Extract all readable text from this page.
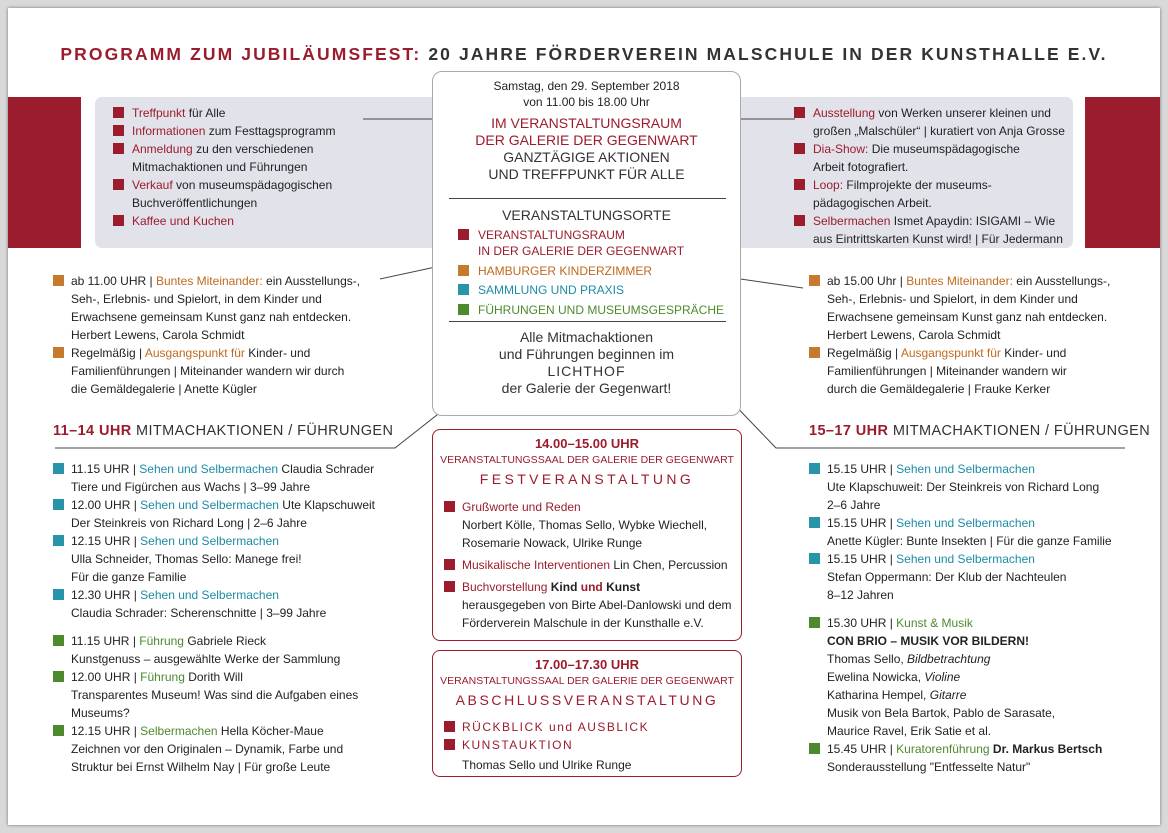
PROGRAMM ZUM JUBILÄUMSFEST: 20 JAHRE FÖRDERVEREIN MALSCHULE IN DER KUNSTHALLE E.V.
Treffpunkt für Alle
Informationen zum Festtagsprogramm
Anmeldung zu den verschiedenen
Mitmachaktionen und Führungen
Verkauf von museumspädagogischen
Buchveröffentlichungen
Kaffee und Kuchen
Ausstellung von Werken unserer kleinen und
großen „Malschüler“ | kuratiert von Anja Grosse
Dia-Show: Die museumspädagogische
Arbeit fotografiert.
Loop: Filmprojekte der museums-
pädagogischen Arbeit.
Selbermachen Ismet Apaydin: ISIGAMI – Wie
aus Eintrittskarten Kunst wird! | Für Jedermann
Samstag, den 29. September 2018
von 11.00 bis 18.00 Uhr
IM VERANSTALTUNGSRAUM
DER GALERIE DER GEGENWART
GANZTÄGIGE AKTIONEN
UND TREFFPUNKT FÜR ALLE
VERANSTALTUNGSORTE
VERANSTALTUNGSRAUM
IN DER GALERIE DER GEGENWART
HAMBURGER KINDERZIMMER
SAMMLUNG UND PRAXIS
FÜHRUNGEN UND MUSEUMSGESPRÄCHE
Alle Mitmachaktionen
und Führungen beginnen im
LICHTHOF
der Galerie der Gegenwart!
ab 11.00 UHR | Buntes Miteinander: ein Ausstellungs-,
Seh-, Erlebnis- und Spielort, in dem Kinder und
Erwachsene gemeinsam Kunst ganz nah entdecken.
Herbert Lewens, Carola Schmidt
Regelmäßig | Ausgangspunkt für Kinder- und
Familienführungen | Miteinander wandern wir durch
die Gemäldegalerie | Anette Kügler
ab 15.00 Uhr | Buntes Miteinander: ein Ausstellungs-,
Seh-, Erlebnis- und Spielort, in dem Kinder und
Erwachsene gemeinsam Kunst ganz nah entdecken.
Herbert Lewens, Carola Schmidt
Regelmäßig | Ausgangspunkt für Kinder- und
Familienführungen | Miteinander wandern wir
durch die Gemäldegalerie | Frauke Kerker
11–14 UHR MITMACHAKTIONEN / FÜHRUNGEN	15–17 UHR MITMACHAKTIONEN / FÜHRUNGEN
11.15 UHR | Sehen und Selbermachen Claudia Schrader
Tiere und Figürchen aus Wachs | 3–99 Jahre
12.00 UHR | Sehen und Selbermachen Ute Klapschuweit
Der Steinkreis von Richard Long | 2–6 Jahre
12.15 UHR | Sehen und Selbermachen
Ulla Schneider, Thomas Sello: Manege frei!
Für die ganze Familie
12.30 UHR | Sehen und Selbermachen
Claudia Schrader: Scherenschnitte | 3–99 Jahre
11.15 UHR | Führung Gabriele Rieck
Kunstgenuss – ausgewählte Werke der Sammlung
12.00 UHR | Führung Dorith Will
Transparentes Museum! Was sind die Aufgaben eines
Museums?
12.15 UHR | Selbermachen Hella Köcher-Maue
Zeichnen vor den Originalen – Dynamik, Farbe und
Struktur bei Ernst Wilhelm Nay | Für große Leute
15.15 UHR | Sehen und Selbermachen
Ute Klapschuweit: Der Steinkreis von Richard Long
2–6 Jahre
15.15 UHR | Sehen und Selbermachen
Anette Kügler: Bunte Insekten | Für die ganze Familie
15.15 UHR | Sehen und Selbermachen
Stefan Oppermann: Der Klub der Nachteulen
8–12 Jahren
15.30 UHR | Kunst & Musik
CON BRIO – MUSIK VOR BILDERN!
Thomas Sello, Bildbetrachtung
Ewelina Nowicka, Violine
Katharina Hempel, Gitarre
Musik von Bela Bartok, Pablo de Sarasate,
Maurice Ravel, Erik Satie et al.
15.45 UHR | Kuratorenführung Dr. Markus Bertsch
Sonderausstellung "Entfesselte Natur"
14.00–15.00 UHR
VERANSTALTUNGSSAAL DER GALERIE DER GEGENWART
FESTVERANSTALTUNG
Grußworte und Reden
Norbert Kölle, Thomas Sello, Wybke Wiechell,
Rosemarie Nowack, Ulrike Runge
Musikalische Interventionen Lin Chen, Percussion
Buchvorstellung Kind und Kunst
herausgegeben von Birte Abel-Danlowski und dem
Förderverein Malschule in der Kunsthalle e.V.
17.00–17.30 UHR
VERANSTALTUNGSSAAL DER GALERIE DER GEGENWART
ABSCHLUSSVERANSTALTUNG
RÜCKBLICK und AUSBLICK
KUNSTAUKTION
Thomas Sello und Ulrike Runge
